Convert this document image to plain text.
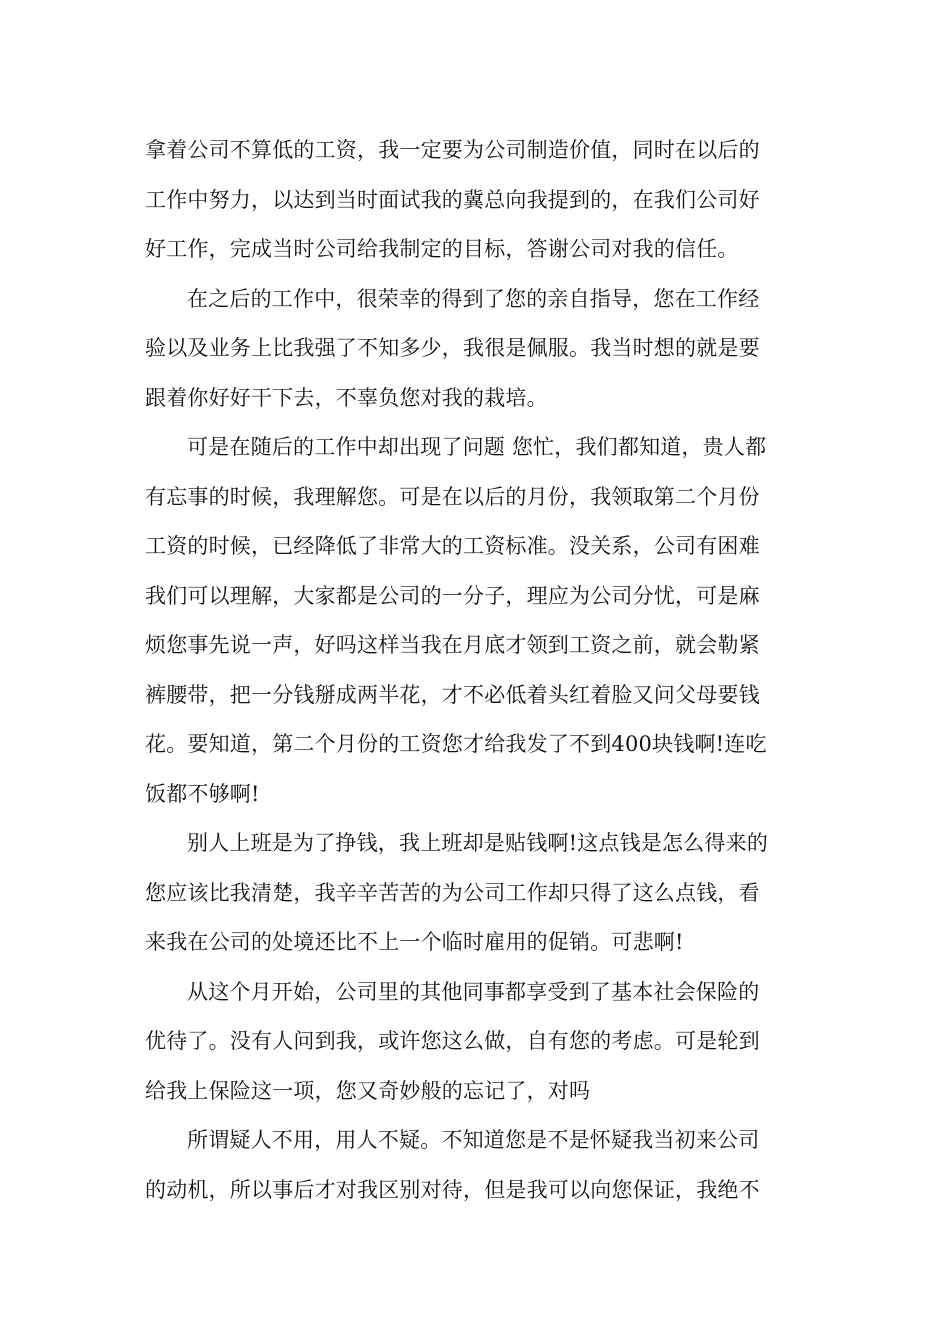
拿着公司不算低的工资，我一定要为公司制造价值，同时在以后的
工作中努力，以达到当时面试我的冀总向我提到的，在我们公司好
好工作，完成当时公司给我制定的目标，答谢公司对我的信任。

在之后的工作中，很荣幸的得到了您的亲自指导，您在工作经
验以及业务上比我强了不知多少，我很是佩服。我当时想的就是要
跟着你好好干下去，不辜负您对我的栽培。

可是在随后的工作中却出现了问题 您忙，我们都知道，贵人都
有忘事的时候，我理解您。可是在以后的月份，我领取第二个月份
工资的时候，已经降低了非常大的工资标准。没关系，公司有困难
我们可以理解，大家都是公司的一分子，理应为公司分忧，可是麻
烦您事先说一声，好吗这样当我在月底才领到工资之前，就会勒紧
裤腰带，把一分钱掰成两半花，才不必低着头红着脸又问父母要钱
花。要知道，第二个月份的工资您才给我发了不到400块钱啊!连吃
饭都不够啊!

别人上班是为了挣钱，我上班却是贴钱啊!这点钱是怎么得来的
您应该比我清楚，我辛辛苦苦的为公司工作却只得了这么点钱，看
来我在公司的处境还比不上一个临时雇用的促销。可悲啊!

从这个月开始，公司里的其他同事都享受到了基本社会保险的
优待了。没有人问到我，或许您这么做，自有您的考虑。可是轮到
给我上保险这一项，您又奇妙般的忘记了，对吗

所谓疑人不用，用人不疑。不知道您是不是怀疑我当初来公司
的动机，所以事后才对我区别对待，但是我可以向您保证，我绝不
